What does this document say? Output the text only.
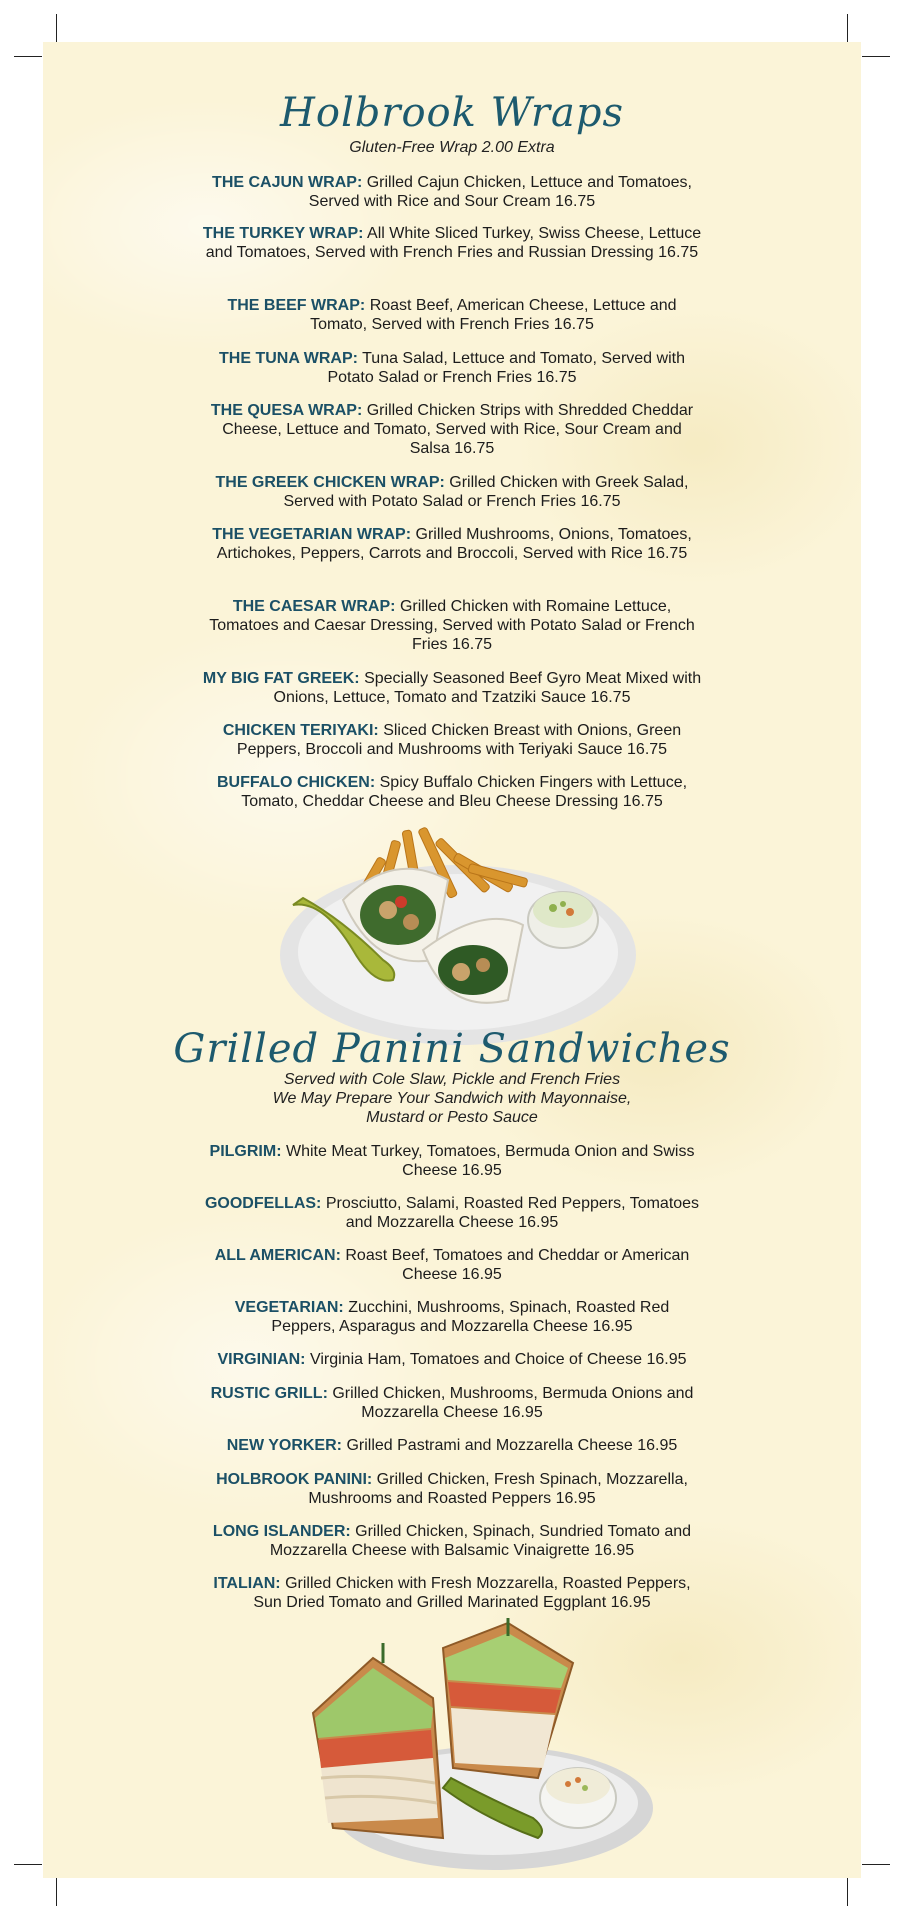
Holbrook Wraps
Gluten-Free Wrap 2.00 Extra
THE CAJUN WRAP: Grilled Cajun Chicken, Lettuce and Tomatoes, Served with Rice and Sour Cream 16.75
THE TURKEY WRAP: All White Sliced Turkey, Swiss Cheese, Lettuce and Tomatoes, Served with French Fries and Russian Dressing 16.75
THE BEEF WRAP: Roast Beef, American Cheese, Lettuce and Tomato, Served with French Fries 16.75
THE TUNA WRAP: Tuna Salad, Lettuce and Tomato, Served with Potato Salad or French Fries 16.75
THE QUESA WRAP: Grilled Chicken Strips with Shredded Cheddar Cheese, Lettuce and Tomato, Served with Rice, Sour Cream and Salsa 16.75
THE GREEK CHICKEN WRAP: Grilled Chicken with Greek Salad, Served with Potato Salad or French Fries 16.75
THE VEGETARIAN WRAP: Grilled Mushrooms, Onions, Tomatoes, Artichokes, Peppers, Carrots and Broccoli, Served with Rice 16.75
THE CAESAR WRAP: Grilled Chicken with Romaine Lettuce, Tomatoes and Caesar Dressing, Served with Potato Salad or French Fries 16.75
MY BIG FAT GREEK: Specially Seasoned Beef Gyro Meat Mixed with Onions, Lettuce, Tomato and Tzatziki Sauce 16.75
CHICKEN TERIYAKI: Sliced Chicken Breast with Onions, Green Peppers, Broccoli and Mushrooms with Teriyaki Sauce 16.75
BUFFALO CHICKEN: Spicy Buffalo Chicken Fingers with Lettuce, Tomato, Cheddar Cheese and Bleu Cheese Dressing 16.75
Grilled Panini Sandwiches
Served with Cole Slaw, Pickle and French Fries
We May Prepare Your Sandwich with Mayonnaise,
Mustard or Pesto Sauce
PILGRIM: White Meat Turkey, Tomatoes, Bermuda Onion and Swiss Cheese 16.95
GOODFELLAS: Prosciutto, Salami, Roasted Red Peppers, Tomatoes and Mozzarella Cheese 16.95
ALL AMERICAN: Roast Beef, Tomatoes and Cheddar or American Cheese 16.95
VEGETARIAN: Zucchini, Mushrooms, Spinach, Roasted Red Peppers, Asparagus and Mozzarella Cheese 16.95
VIRGINIAN: Virginia Ham, Tomatoes and Choice of Cheese 16.95
RUSTIC GRILL: Grilled Chicken, Mushrooms, Bermuda Onions and Mozzarella Cheese 16.95
NEW YORKER: Grilled Pastrami and Mozzarella Cheese 16.95
HOLBROOK PANINI: Grilled Chicken, Fresh Spinach, Mozzarella, Mushrooms and Roasted Peppers 16.95
LONG ISLANDER: Grilled Chicken, Spinach, Sundried Tomato and Mozzarella Cheese with Balsamic Vinaigrette 16.95
ITALIAN: Grilled Chicken with Fresh Mozzarella, Roasted Peppers, Sun Dried Tomato and Grilled Marinated Eggplant 16.95
